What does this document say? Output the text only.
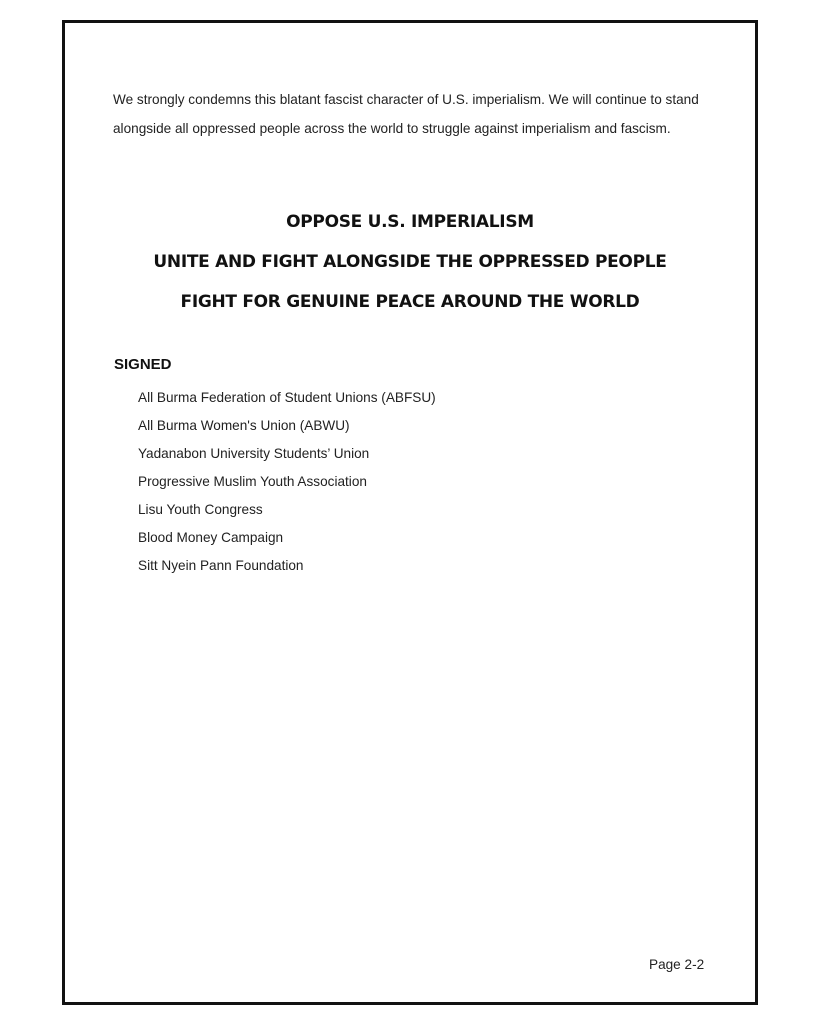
We strongly condemns this blatant fascist character of U.S. imperialism. We will continue to stand alongside all oppressed people across the world to struggle against imperialism and fascism.

OPPOSE U.S. IMPERIALISM
UNITE AND FIGHT ALONGSIDE THE OPPRESSED PEOPLE
FIGHT FOR GENUINE PEACE AROUND THE WORLD
SIGNED
All Burma Federation of Student Unions (ABFSU)
All Burma Women's Union (ABWU)
Yadanabon University Students’ Union
Progressive Muslim Youth Association
Lisu Youth Congress
Blood Money Campaign
Sitt Nyein Pann Foundation
Page 2-2
